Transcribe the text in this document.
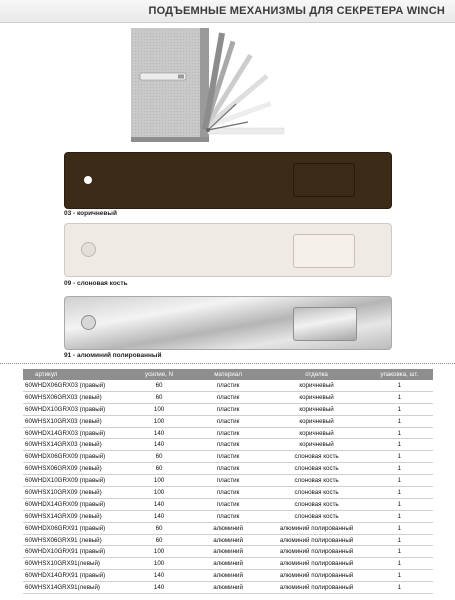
ПОДЪЕМНЫЕ МЕХАНИЗМЫ ДЛЯ СЕКРЕТЕРА WINCH
03 - коричневый
09 - слоновая кость
91 - алюминий полированный
артикул	усилие, N	материал	отделка	упаковка, шт.
60WHDX06GRX03 (правый)	60	пластик	коричневый	1
60WHSX06GRX03 (левый)	60	пластик	коричневый	1
60WHDX10GRX03 (правый)	100	пластик	коричневый	1
60WHSX10GRX03 (левый)	100	пластик	коричневый	1
60WHDX14GRX03 (правый)	140	пластик	коричневый	1
60WHSX14GRX03 (левый)	140	пластик	коричневый	1
60WHDX06GRX09 (правый)	60	пластик	слоновая кость	1
60WHSX06GRX09 (левый)	60	пластик	слоновая кость	1
60WHDX10GRX09 (правый)	100	пластик	слоновая кость	1
60WHSX10GRX09 (левый)	100	пластик	слоновая кость	1
60WHDX14GRX09 (правый)	140	пластик	слоновая кость	1
60WHSX14GRX09 (левый)	140	пластик	слоновая кость	1
60WHDX06GRX91 (правый)	60	алюминий	алюминий полированный	1
60WHSX06GRX91 (левый)	60	алюминий	алюминий полированный	1
60WHDX10GRX91 (правый)	100	алюминий	алюминий полированный	1
60WHSX10GRX91(левый)	100	алюминий	алюминий полированный	1
60WHDX14GRX91 (правый)	140	алюминий	алюминий полированный	1
60WHSX14GRX91(левый)	140	алюминий	алюминий полированный	1
